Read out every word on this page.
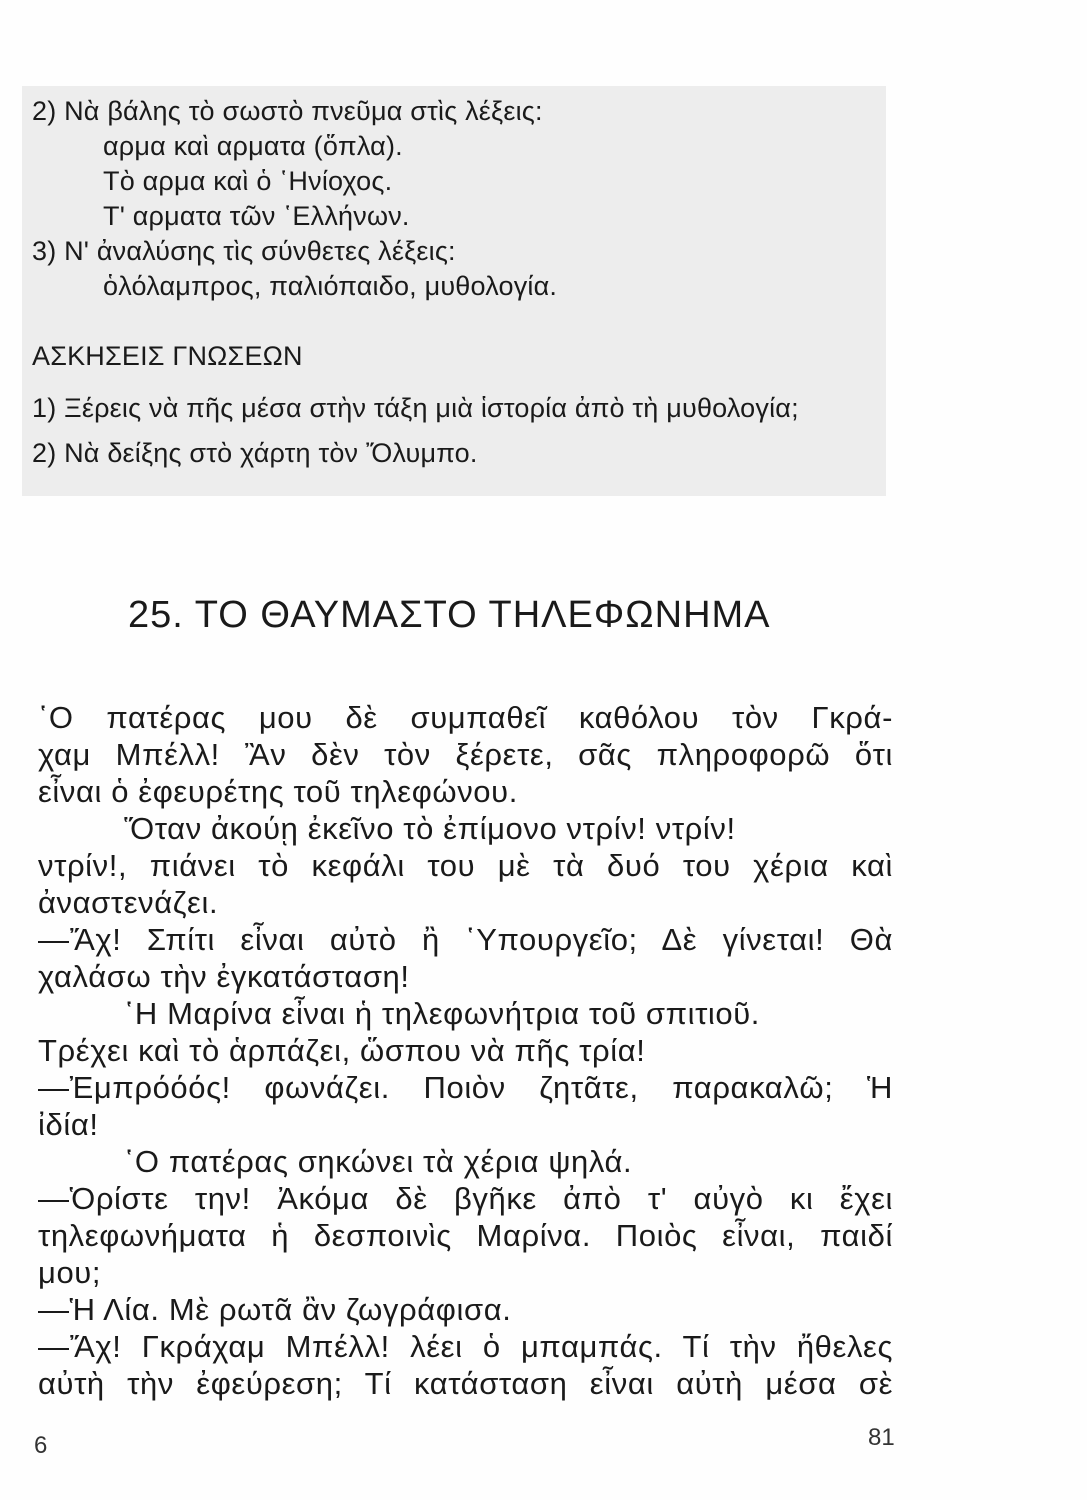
2) Νὰ βάλης τὸ σωστὸ πνεῦμα στὶς λέξεις:
αρμα καὶ αρματα (ὅπλα).
Τὸ αρμα καὶ ὁ ῾Ηνίοχος.
Τ' αρματα τῶν ῾Ελλήνων.
3) Ν' ἀναλύσης τὶς σύνθετες λέξεις:
ὁλόλαμπρος, παλιόπαιδο, μυθολογία.
ΑΣΚΗΣΕΙΣ ΓΝΩΣΕΩΝ
1) Ξέρεις νὰ πῆς μέσα στὴν τάξη μιὰ ἱστορία ἀπὸ τὴ μυθολογία;
2) Νὰ δείξης στὸ χάρτη τὸν Ὄλυμπο.
25. ΤΟ ΘΑΥΜΑΣΤΟ ΤΗΛΕΦΩΝΗΜΑ
῾Ο πατέρας μου δὲ συμπαθεῖ καθόλου τὸν Γκρά-
χαμ Μπέλλ! Ἂν δὲν τὸν ξέρετε, σᾶς πληροφορῶ ὅτι
εἶναι ὁ ἐφευρέτης τοῦ τηλεφώνου.
Ὅταν ἀκούῃ ἐκεῖνο τὸ ἐπίμονο ντρίν! ντρίν!
ντρίν!, πιάνει τὸ κεφάλι του μὲ τὰ δυό του χέρια καὶ
ἀναστενάζει.
—Ἄχ! Σπίτι εἶναι αὐτὸ ἢ ῾Υπουργεῖο; Δὲ γίνεται! Θὰ
χαλάσω τὴν ἐγκατάσταση!
῾Η Μαρίνα εἶναι ἡ τηλεφωνήτρια τοῦ σπιτιοῦ.
Τρέχει καὶ τὸ ἁρπάζει, ὥσπου νὰ πῆς τρία!
—Ἐμπρόόός! φωνάζει. Ποιὸν ζητᾶτε, παρακαλῶ; Ἡ
ἰδία!
῾Ο πατέρας σηκώνει τὰ χέρια ψηλά.
—Ὁρίστε την! Ἀκόμα δὲ βγῆκε ἀπὸ τ' αὐγὸ κι ἔχει
τηλεφωνήματα ἡ δεσποινὶς Μαρίνα. Ποιὸς εἶναι, παιδί
μου;
—Ἡ Λία. Μὲ ρωτᾶ ἂν ζωγράφισα.
—Ἄχ! Γκράχαμ Μπέλλ! λέει ὁ μπαμπάς. Τί τὴν ἤθελες
αὐτὴ τὴν ἐφεύρεση; Τί κατάσταση εἶναι αὐτὴ μέσα σὲ
6	81
